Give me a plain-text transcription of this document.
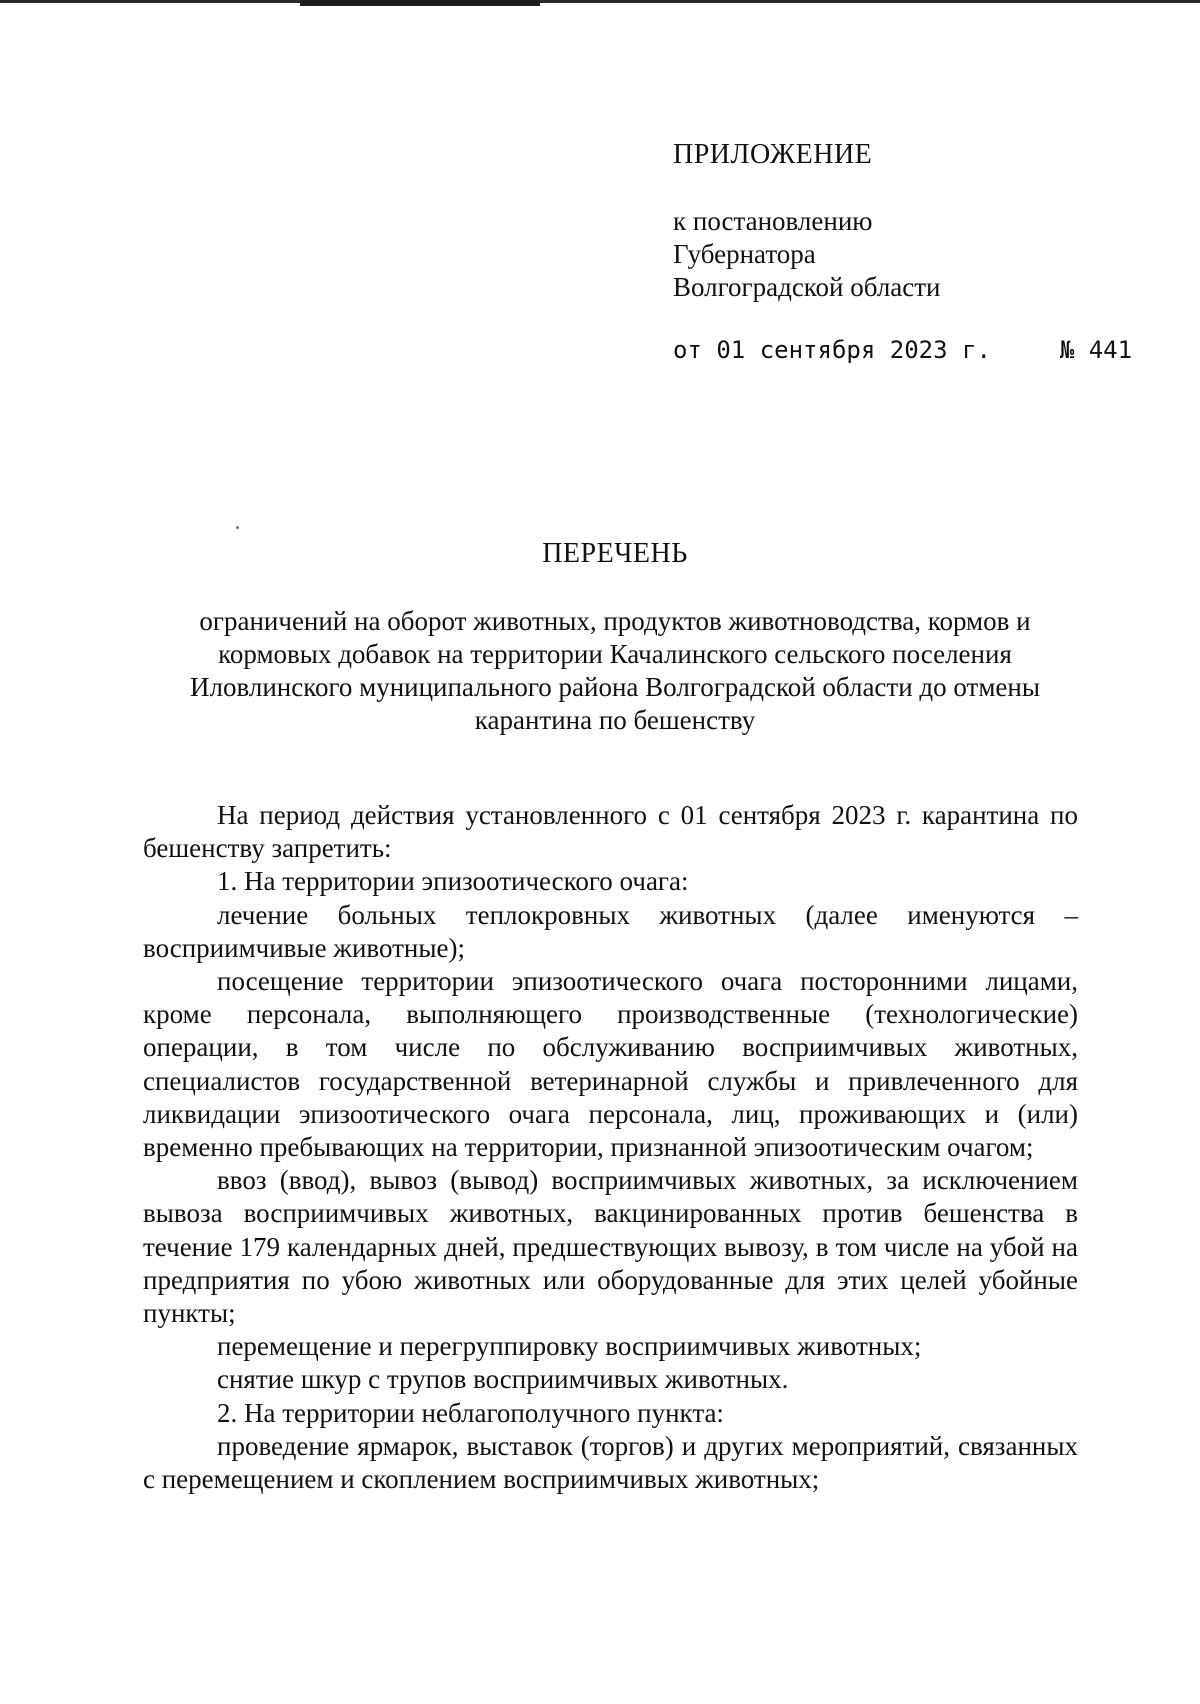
ПРИЛОЖЕНИЕ
к постановлению
Губернатора
Волгоградской области
от 01 сентября 2023 г.	№ 441
ПЕРЕЧЕНЬ
ограничений на оборот животных, продуктов животноводства, кормов и кормовых добавок на территории Качалинского сельского поселения Иловлинского муниципального района Волгоградской области до отмены карантина по бешенству

На период действия установленного с 01 сентября 2023 г. карантина по бешенству запретить:

1. На территории эпизоотического очага:

лечение больных теплокровных животных (далее именуются – восприимчивые животные);

посещение территории эпизоотического очага посторонними лицами, кроме персонала, выполняющего производственные (технологические) операции, в том числе по обслуживанию восприимчивых животных, специалистов государственной ветеринарной службы и привлеченного для ликвидации эпизоотического очага персонала, лиц, проживающих и (или) временно пребывающих на территории, признанной эпизоотическим очагом;

ввоз (ввод), вывоз (вывод) восприимчивых животных, за исключением вывоза восприимчивых животных, вакцинированных против бешенства в течение 179 календарных дней, предшествующих вывозу, в том числе на убой на предприятия по убою животных или оборудованные для этих целей убойные пункты;

перемещение и перегруппировку восприимчивых животных;

снятие шкур с трупов восприимчивых животных.

2. На территории неблагополучного пункта:

проведение ярмарок, выставок (торгов) и других мероприятий, связанных с перемещением и скоплением восприимчивых животных;
